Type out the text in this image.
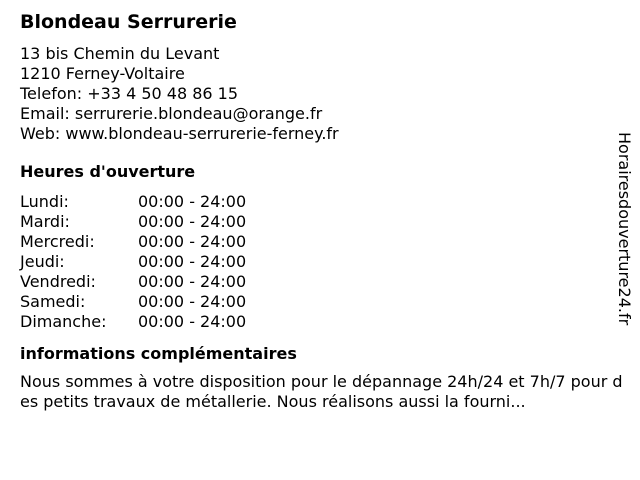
Blondeau Serrurerie
13 bis Chemin du Levant
1210 Ferney-Voltaire
Telefon: +33 4 50 48 86 15
Email: serrurerie.blondeau@orange.fr
Web: www.blondeau-serrurerie-ferney.fr
Heures d'ouverture
Lundi:	00:00 - 24:00
Mardi:	00:00 - 24:00
Mercredi:	00:00 - 24:00
Jeudi:	00:00 - 24:00
Vendredi:	00:00 - 24:00
Samedi:	00:00 - 24:00
Dimanche:	00:00 - 24:00
informations complémentaires
Nous sommes à votre disposition pour le dépannage 24h/24 et 7h/7 pour des petits travaux de métallerie. Nous réalisons aussi la fourni...
Horairesdouverture24.fr
